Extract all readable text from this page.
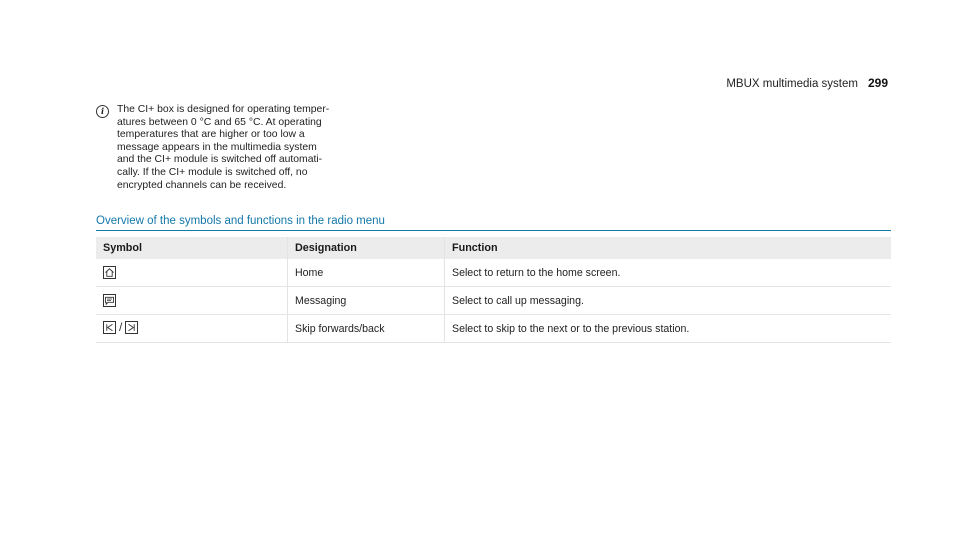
MBUX multimedia system 299
i	The CI+ box is designed for operating temper-
atures between 0 °C and 65 °C. At operating
temperatures that are higher or too low a
message appears in the multimedia system
and the CI+ module is switched off automati-
cally. If the CI+ module is switched off, no
encrypted channels can be received.
Overview of the symbols and functions in the radio menu
Symbol	Designation	Function

	Home	Select to return to the home screen.

	Messaging	Select to call up messaging.

/	Skip forwards/back	Select to skip to the next or to the previous station.
